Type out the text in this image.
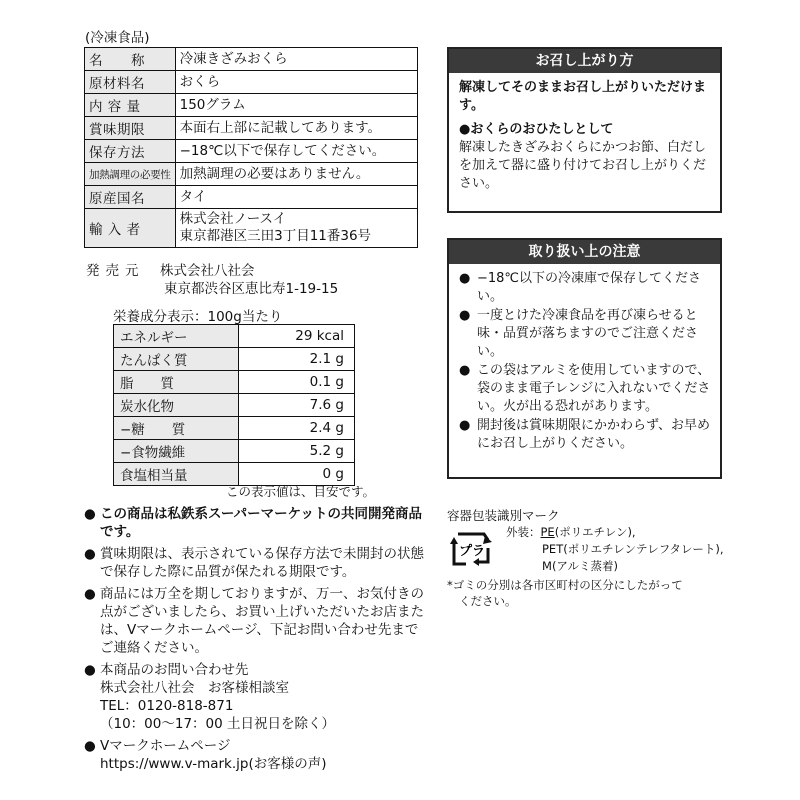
(冷凍食品)
名　　称	冷凍きざみおくら
原材料名	おくら
内 容 量	150グラム
賞味期限	本面右上部に記載してあります。
保存方法	−18℃以下で保存してください。
加熱調理の必要性	加熱調理の必要はありません。
原産国名	タイ
輸 入 者	株式会社ノースイ
東京都港区三田3丁目11番36号
発売元 株式会社八社会
東京都渋谷区恵比寿1-19-15
栄養成分表示：100g当たり
エネルギー	29 kcal
たんぱく質	2.1 g
脂　　質	0.1 g
炭水化物	7.6 g
−糖　　質	2.4 g
−食物繊維	5.2 g
食塩相当量	0 g
この表示値は、目安です。
● この商品は私鉄系スーパーマーケットの共同開発商品です。
● 賞味期限は、表示されている保存方法で未開封の状態で保存した際に品質が保たれる期限です。
● 商品には万全を期しておりますが、万一、お気付きの点がございましたら、お買い上げいただいたお店または、Vマークホームページ、下記お問い合わせ先までご連絡ください。
● 本商品のお問い合わせ先
株式会社八社会　お客様相談室
TEL：0120-818-871
（10：00〜17：00 土日祝日を除く）
● Vマークホームページ
https://www.v-mark.jp(お客様の声)
お召し上がり方
解凍してそのままお召し上がりいただけます。
●おくらのおひたしとして
解凍したきざみおくらにかつお節、白だしを加えて器に盛り付けてお召し上がりください。
取り扱い上の注意
● −18℃以下の冷凍庫で保存してください。
● 一度とけた冷凍食品を再び凍らせると味・品質が落ちますのでご注意ください。
● この袋はアルミを使用していますので、袋のまま電子レンジに入れないでください。火が出る恐れがあります。
● 開封後は賞味期限にかかわらず、お早めにお召し上がりください。
容器包装識別マーク
プラ
外装：PE(ポリエチレン),
PET(ポリエチレンテレフタレート),
M(アルミ蒸着)
*ゴミの分別は各市区町村の区分にしたがって
ください。
